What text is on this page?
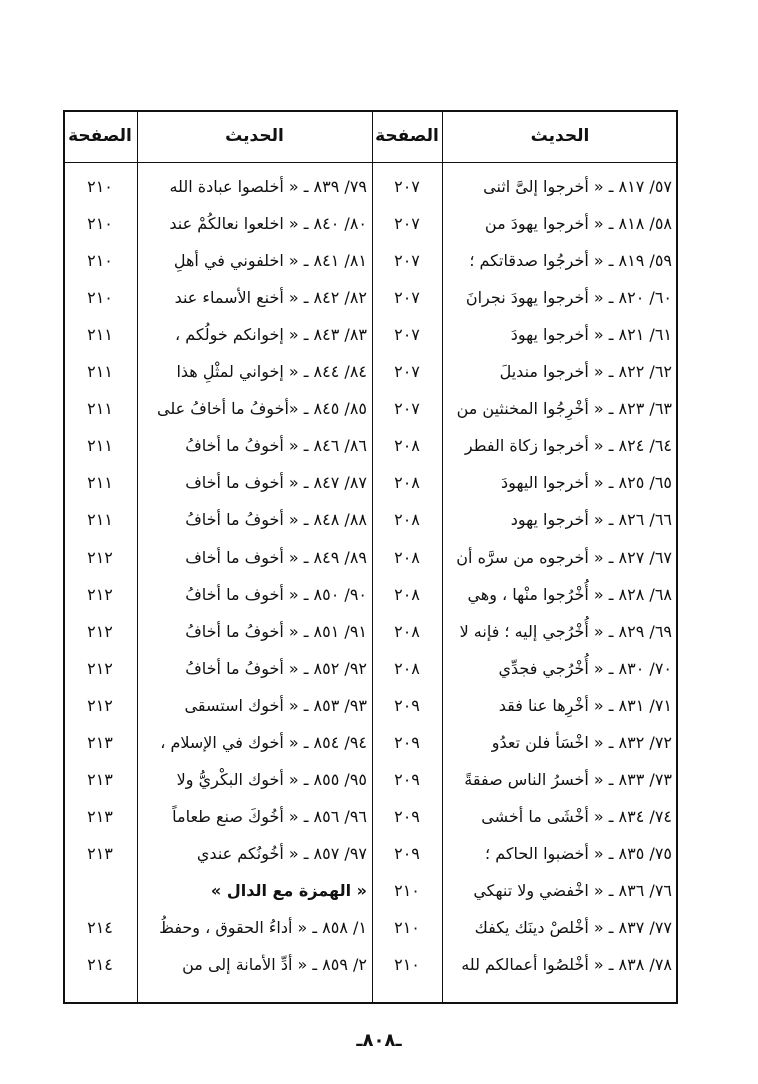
الحديث
الصفحة
الحديث
الصفحة
٥٧/ ٨١٧ ـ « أخرجوا إلىَّ اثنى
٢٠٧
٥٨/ ٨١٨ ـ « أخرجوا يهودَ من
٢٠٧
٥٩/ ٨١٩ ـ « أخرجُوا صدقاتكم ؛
٢٠٧
٦٠/ ٨٢٠ ـ « أخرجوا يهودَ نجرانَ
٢٠٧
٦١/ ٨٢١ ـ « أخرجوا يهودَ
٢٠٧
٦٢/ ٨٢٢ ـ « أخرجوا منديلَ
٢٠٧
٦٣/ ٨٢٣ ـ « أخْرِجُوا المخنثين من
٢٠٧
٦٤/ ٨٢٤ ـ « أخرجوا زكاة الفطر
٢٠٨
٦٥/ ٨٢٥ ـ « أخرجوا اليهودَ
٢٠٨
٦٦/ ٨٢٦ ـ « أخرجوا يهود
٢٠٨
٦٧/ ٨٢٧ ـ « أخرجوه من سرَّه أن
٢٠٨
٦٨/ ٨٢٨ ـ « أُخْرُجوا منْها ، وهي
٢٠٨
٦٩/ ٨٢٩ ـ « أُخْرُجي إليه ؛ فإنه لا
٢٠٨
٧٠/ ٨٣٠ ـ « أُخْرُجي فجدِّي
٢٠٨
٧١/ ٨٣١ ـ « أخْرِها عنا فقد
٢٠٩
٧٢/ ٨٣٢ ـ « اخْسَأ فلن تعدُو
٢٠٩
٧٣/ ٨٣٣ ـ « أخسرُ الناس صفقةً
٢٠٩
٧٤/ ٨٣٤ ـ « أخْشَى ما أخشى
٢٠٩
٧٥/ ٨٣٥ ـ « أخضبوا الحاكم ؛
٢٠٩
٧٦/ ٨٣٦ ـ « اخْفضي ولا تنهكي
٢١٠
٧٧/ ٨٣٧ ـ « أخْلصْ دينَك يكفك
٢١٠
٧٨/ ٨٣٨ ـ « أخْلصُوا أعمالكم لله
٢١٠
٧٩/ ٨٣٩ ـ « أخلصوا عبادة الله
٢١٠
٨٠/ ٨٤٠ ـ « اخلعوا نعالكُمْ عند
٢١٠
٨١/ ٨٤١ ـ « اخلفوني في أهلِ
٢١٠
٨٢/ ٨٤٢ ـ « أخنع الأسماء عند
٢١٠
٨٣/ ٨٤٣ ـ « إخوانكم خولُكم ،
٢١١
٨٤/ ٨٤٤ ـ « إخواني لمثْلِ هذا
٢١١
٨٥/ ٨٤٥ ـ «أخوفُ ما أخافُ على
٢١١
٨٦/ ٨٤٦ ـ « أخوفُ ما أخافُ
٢١١
٨٧/ ٨٤٧ ـ « أخوف ما أخاف
٢١١
٨٨/ ٨٤٨ ـ « أخوفُ ما أخافُ
٢١١
٨٩/ ٨٤٩ ـ « أخوف ما أخاف
٢١٢
٩٠/ ٨٥٠ ـ « أخوف ما أخافُ
٢١٢
٩١/ ٨٥١ ـ « أخوفُ ما أخافُ
٢١٢
٩٢/ ٨٥٢ ـ « أخوفُ ما أخافُ
٢١٢
٩٣/ ٨٥٣ ـ « أخوك استسقى
٢١٢
٩٤/ ٨٥٤ ـ « أخوك في الإسلام ،
٢١٣
٩٥/ ٨٥٥ ـ « أخوك البكْريُّ ولا
٢١٣
٩٦/ ٨٥٦ ـ « أخُوكَ صنع طعاماً
٢١٣
٩٧/ ٨٥٧ ـ « أخُونُكم عندي
٢١٣
« الهمزة مع الدال »
١/ ٨٥٨ ـ « أداءُ الحقوق ، وحفظُ
٢١٤
٢/ ٨٥٩ ـ « أدِّ الأمانة إلى من
٢١٤
ـ٨٠٨ـ
